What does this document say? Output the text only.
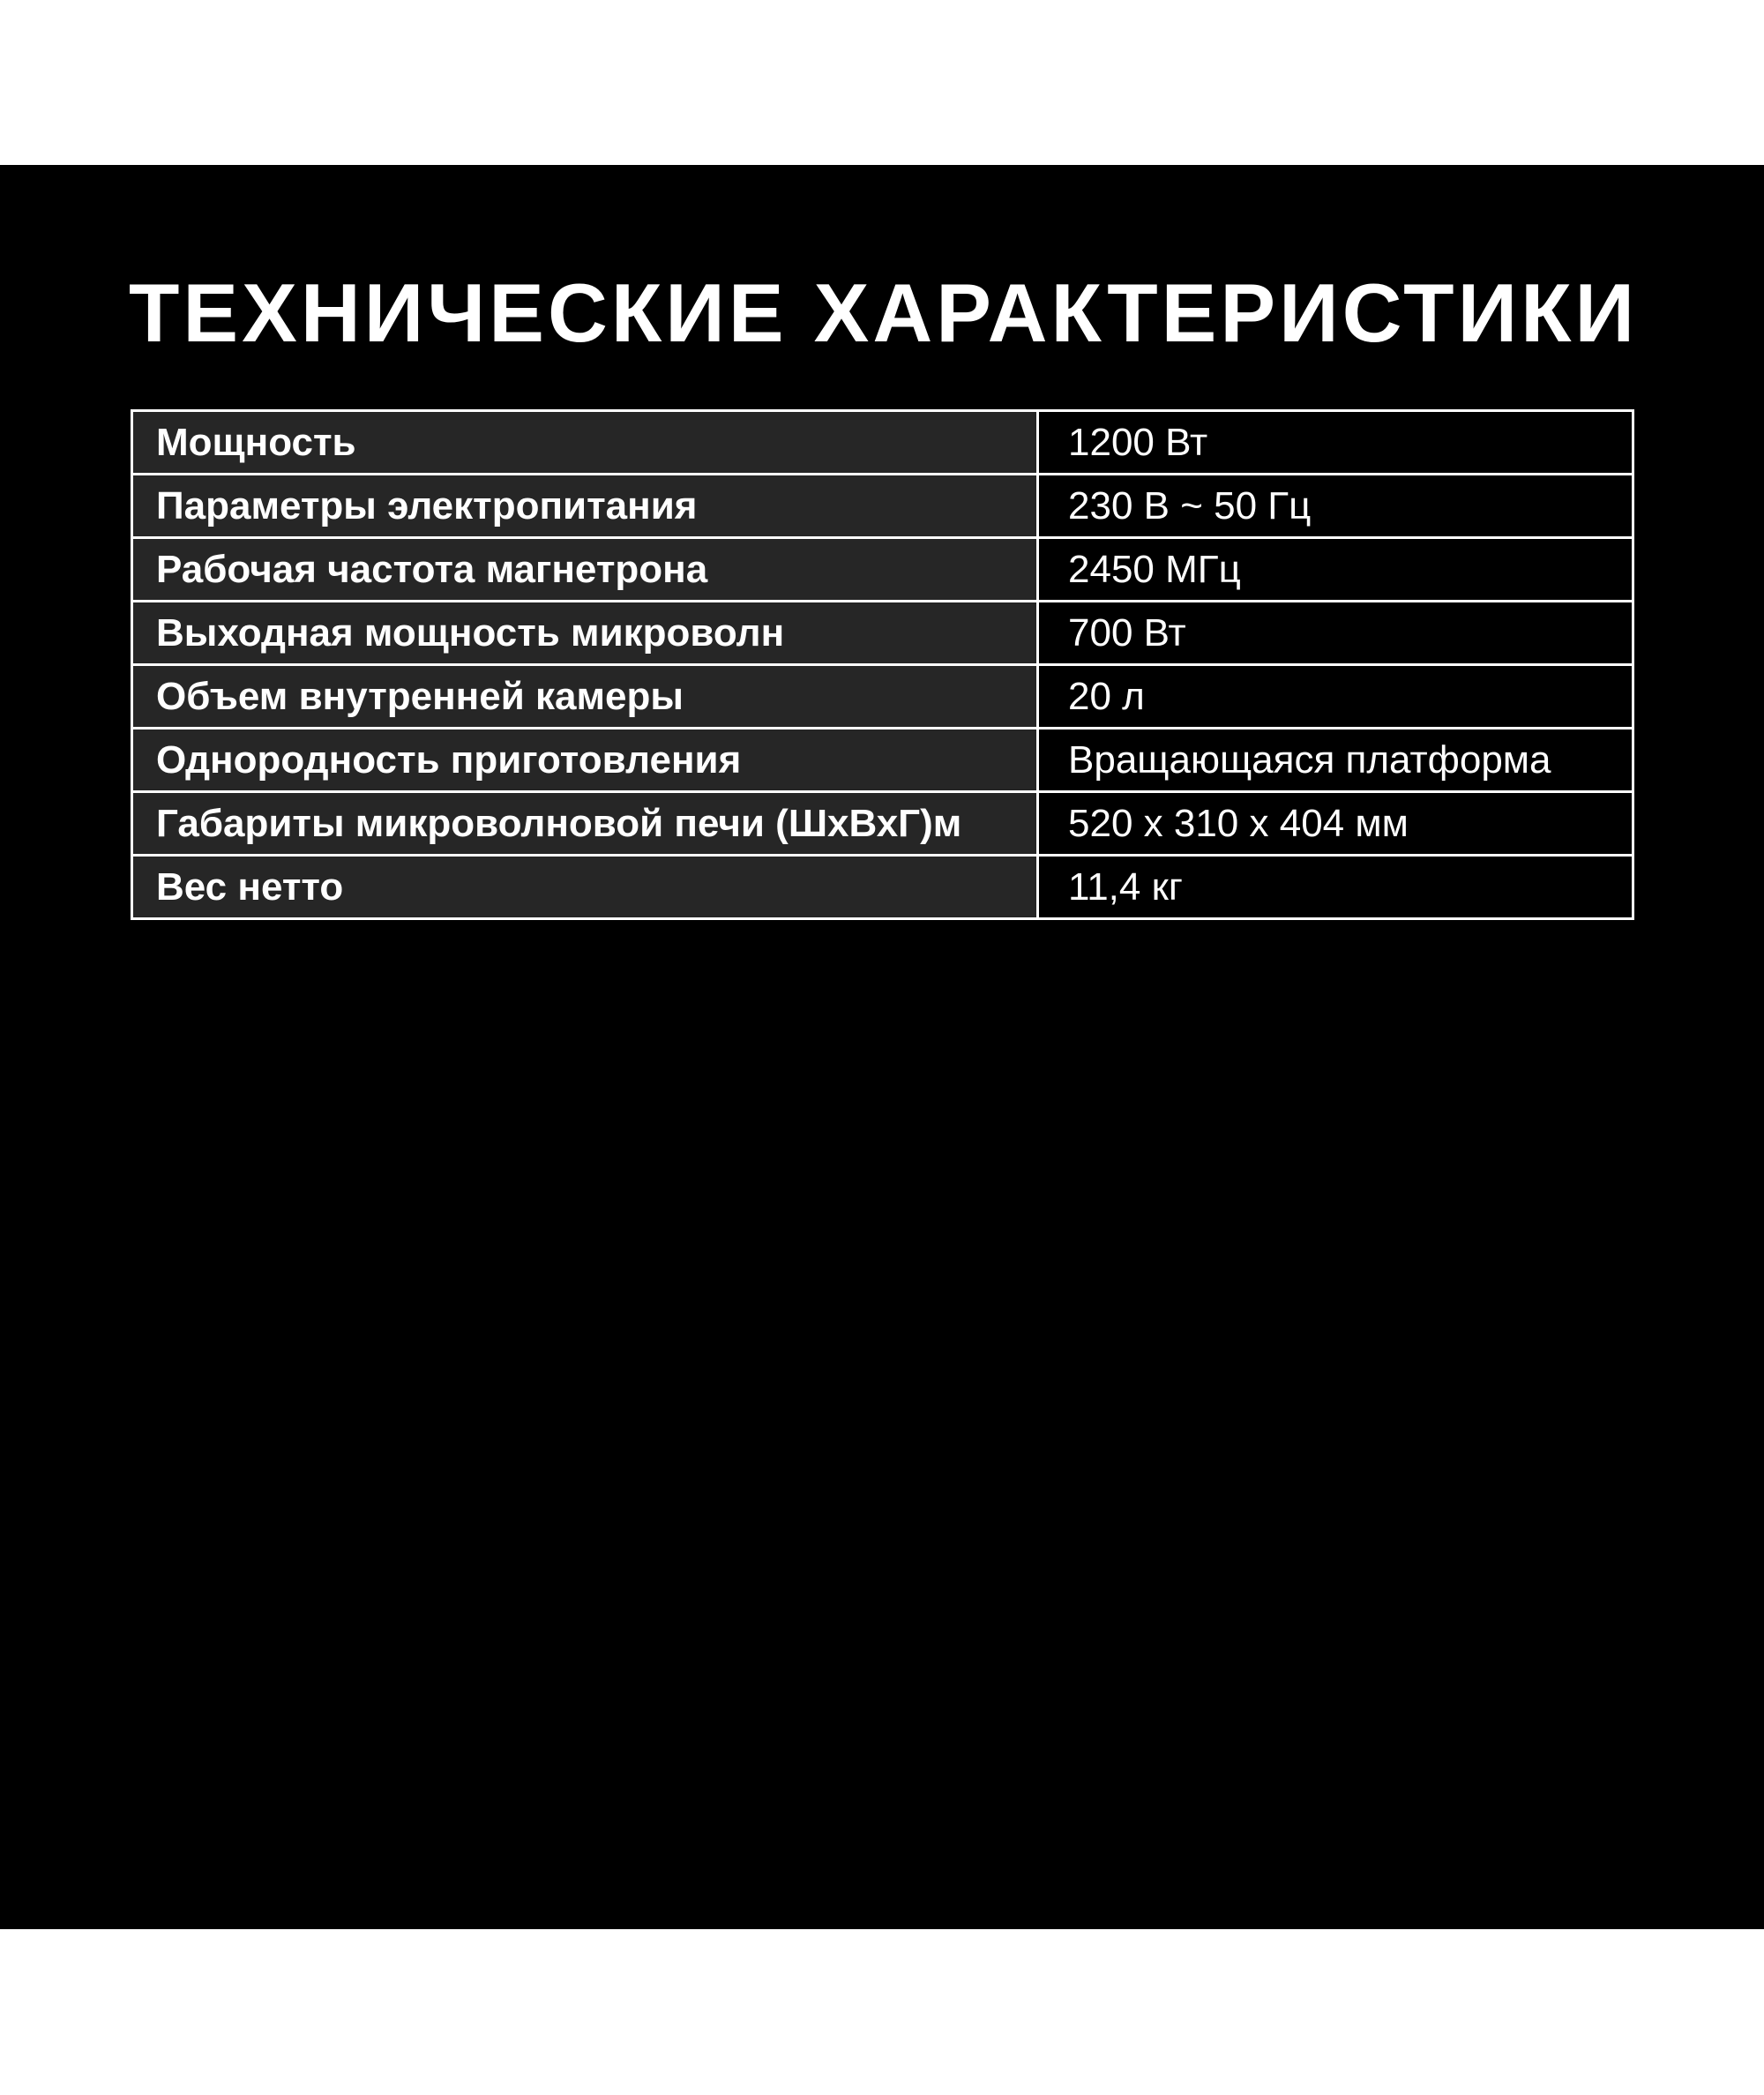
ТЕХНИЧЕСКИЕ ХАРАКТЕРИСТИКИ
Мощность	1200 Вт
Параметры электропитания	230 В ~ 50 Гц
Рабочая частота магнетрона	2450 МГц
Выходная мощность микроволн	700 Вт
Объем внутренней камеры	20 л
Однородность приготовления	Вращающаяся платформа
Габариты микроволновой печи (ШхВхГ)м	520 х 310 х 404 мм
Вес нетто	11,4 кг
